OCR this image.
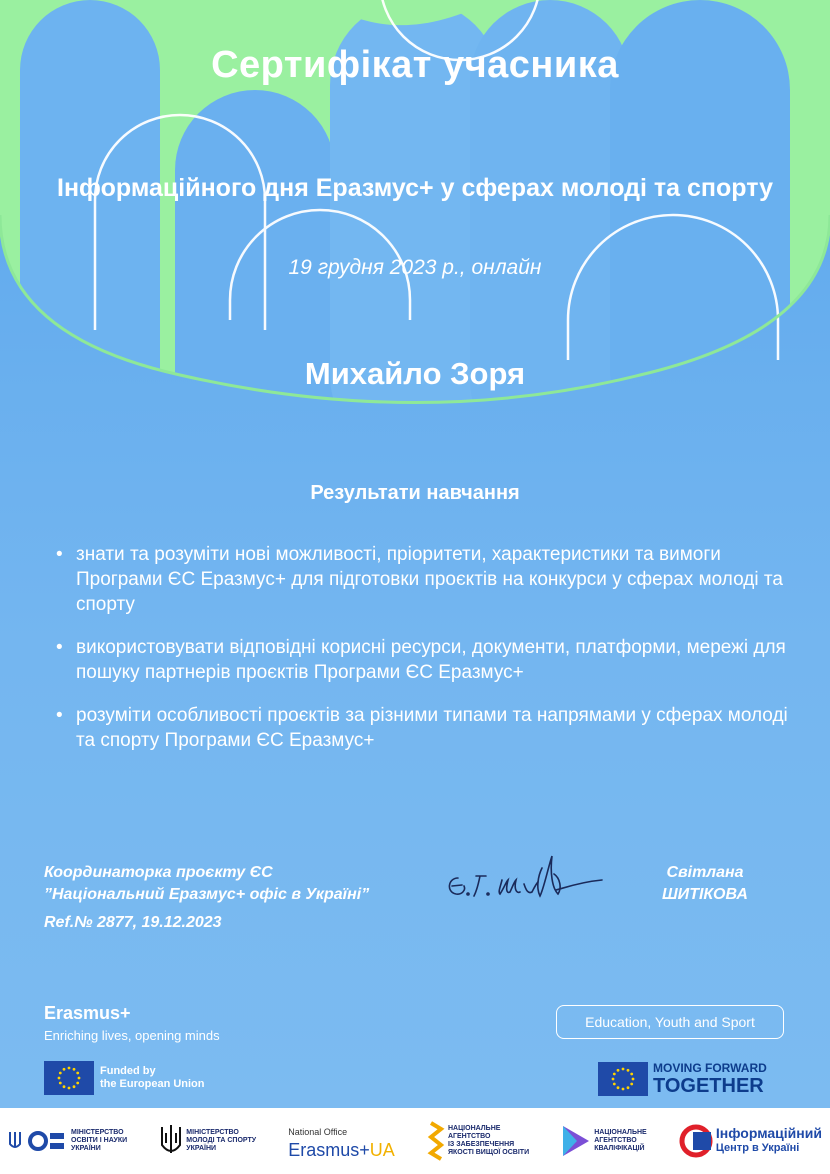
Сертифікат учасника
Інформаційного дня Еразмус+ у сферах молоді та спорту
19 грудня 2023 р., онлайн
Михайло Зоря
Результати навчання
• знати та розуміти нові можливості, пріоритети, характеристики та вимоги Програми ЄС Еразмус+ для підготовки проєктів на конкурси у сферах молоді та спорту
• використовувати відповідні корисні ресурси, документи, платформи, мережі для пошуку партнерів проєктів Програми ЄС Еразмус+
• розуміти особливості проєктів за різними типами та напрямами у сферах молоді та спорту Програми ЄС Еразмус+
Координаторка проєкту ЄС
”Національний Еразмус+ офіс в Україні”
Ref.№ 2877, 19.12.2023
Світлана
ШИТІКОВА
Erasmus+
Enriching lives, opening minds
Education, Youth and Sport
Funded by
the European Union
MOVING FORWARD
TOGETHER
МІНІСТЕРСТВО
ОСВІТИ І НАУКИ
УКРАЇНИ
МІНІСТЕРСТВО
МОЛОДІ ТА СПОРТУ
УКРАЇНИ
National Office
Erasmus+UA
НАЦІОНАЛЬНЕ
АГЕНТСТВО
ІЗ ЗАБЕЗПЕЧЕННЯ
ЯКОСТІ ВИЩОЇ ОСВІТИ
НАЦІОНАЛЬНЕ
АГЕНТСТВО
КВАЛІФІКАЦІЙ
Інформаційний
Центр в Україні
